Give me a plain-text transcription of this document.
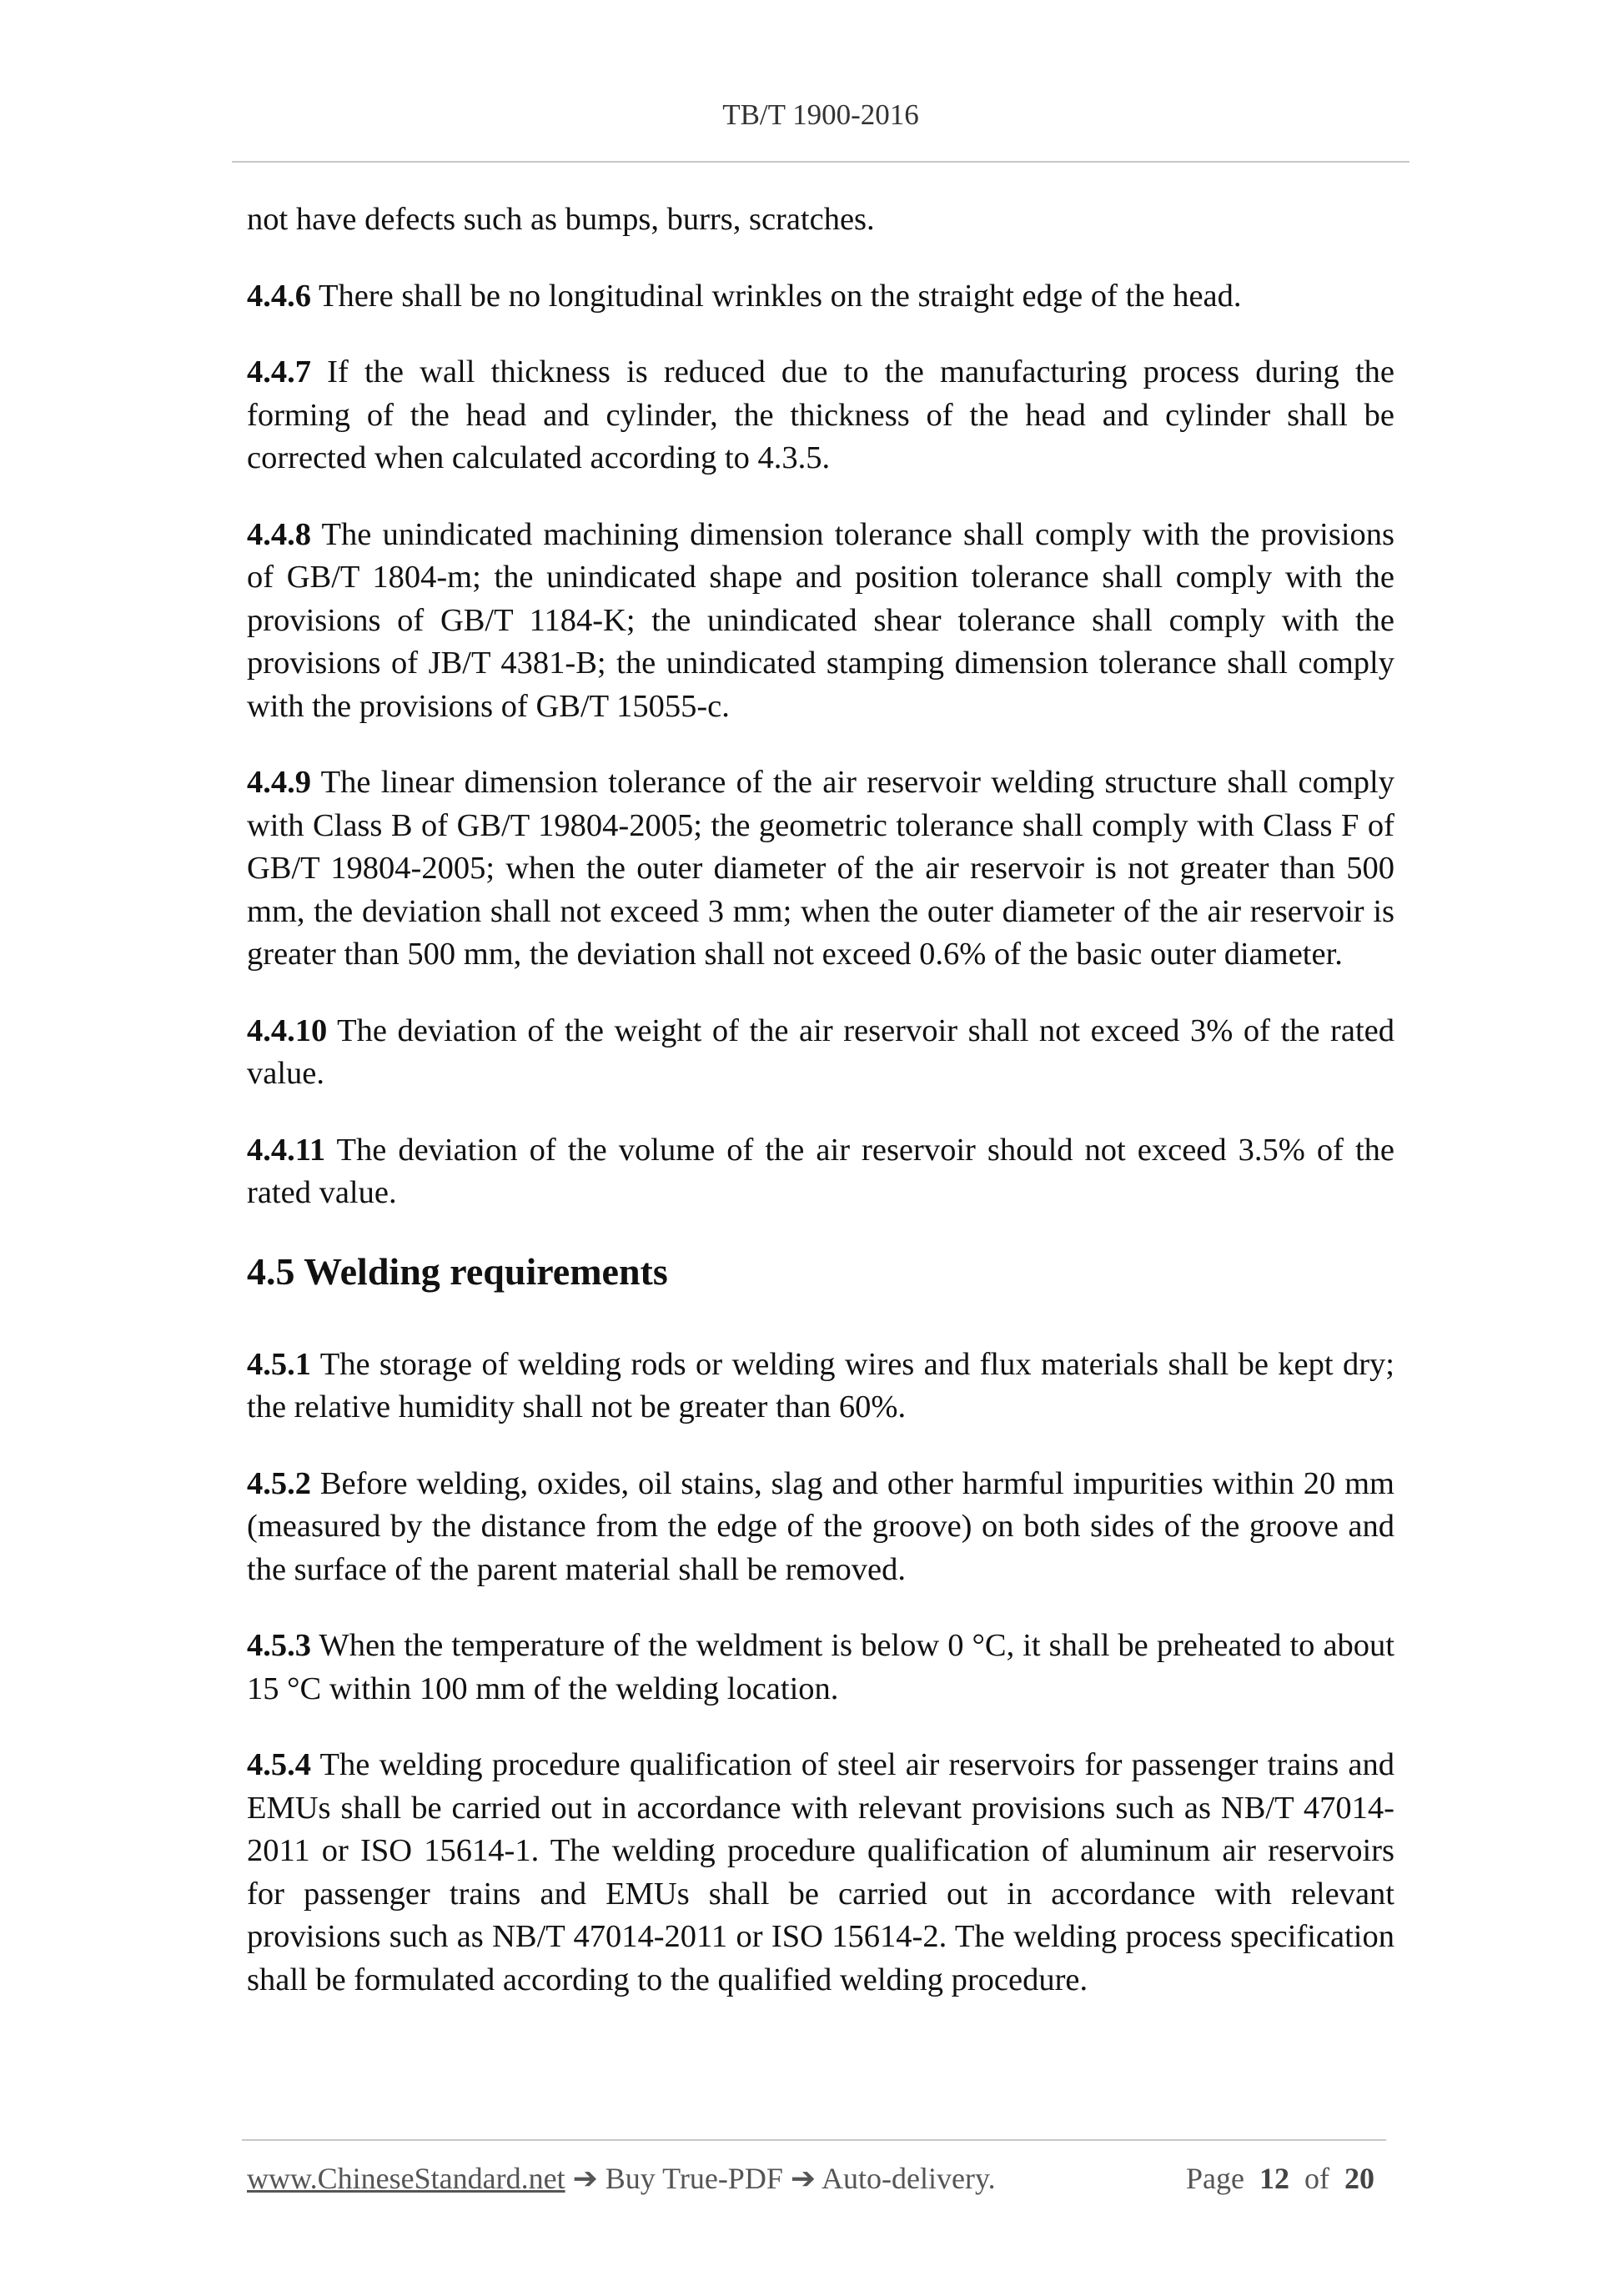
TB/T 1900-2016

not have defects such as bumps, burrs, scratches.

4.4.6 There shall be no longitudinal wrinkles on the straight edge of the head.

4.4.7 If the wall thickness is reduced due to the manufacturing process during the forming of the head and cylinder, the thickness of the head and cylinder shall be corrected when calculated according to 4.3.5.

4.4.8 The unindicated machining dimension tolerance shall comply with the provisions of GB/T 1804-m; the unindicated shape and position tolerance shall comply with the provisions of GB/T 1184-K; the unindicated shear tolerance shall comply with the provisions of JB/T 4381-B; the unindicated stamping dimension tolerance shall comply with the provisions of GB/T 15055-c.

4.4.9 The linear dimension tolerance of the air reservoir welding structure shall comply with Class B of GB/T 19804-2005; the geometric tolerance shall comply with Class F of GB/T 19804-2005; when the outer diameter of the air reservoir is not greater than 500 mm, the deviation shall not exceed 3 mm; when the outer diameter of the air reservoir is greater than 500 mm, the deviation shall not exceed 0.6% of the basic outer diameter.

4.4.10 The deviation of the weight of the air reservoir shall not exceed 3% of the rated value.

4.4.11 The deviation of the volume of the air reservoir should not exceed 3.5% of the rated value.

4.5 Welding requirements

4.5.1 The storage of welding rods or welding wires and flux materials shall be kept dry; the relative humidity shall not be greater than 60%.

4.5.2 Before welding, oxides, oil stains, slag and other harmful impurities within 20 mm (measured by the distance from the edge of the groove) on both sides of the groove and the surface of the parent material shall be removed.

4.5.3 When the temperature of the weldment is below 0 °C, it shall be preheated to about 15 °C within 100 mm of the welding location.

4.5.4 The welding procedure qualification of steel air reservoirs for passenger trains and EMUs shall be carried out in accordance with relevant provisions such as NB/T 47014-2011 or ISO 15614-1. The welding procedure qualification of aluminum air reservoirs for passenger trains and EMUs shall be carried out in accordance with relevant provisions such as NB/T 47014-2011 or ISO 15614-2. The welding process specification shall be formulated according to the qualified welding procedure.

www.ChineseStandard.net ➔ Buy True-PDF ➔ Auto-delivery.	Page 12 of 20
